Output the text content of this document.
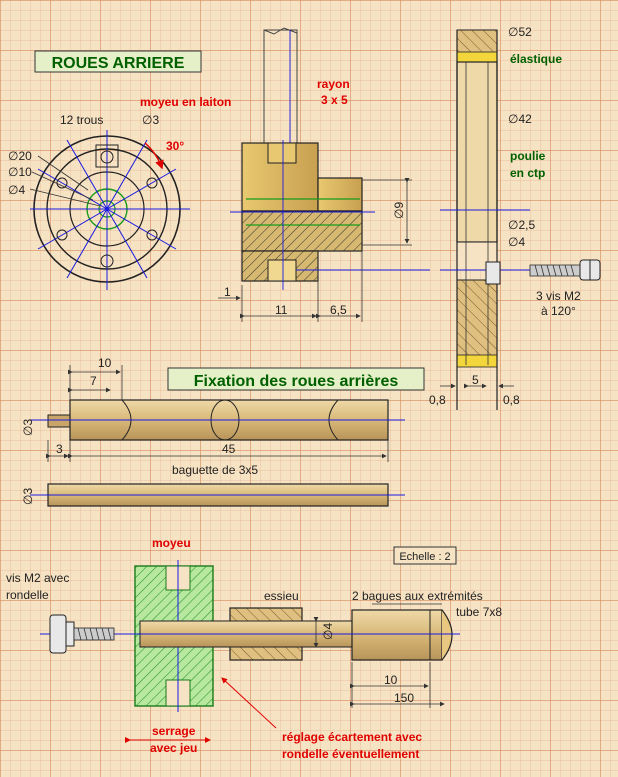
ROUES ARRIERE
12 trous	∅3
∅20
∅10
∅4
30°
moyeu en laiton
rayon
3 x 5
∅9
1
11	6,5
∅52
élastique
∅42
poulie
en ctp
∅2,5
∅4
3 vis M2
à 120°
0,8
5
0,8
Fixation des roues arrières
10
7
∅3
3	45
baguette de 3x5
∅3
Echelle : 2
moyeu
vis M2 avec
rondelle	essieu	2 bagues aux extrémités
tube 7x8
∅4
10
150
serrage
avec jeu
réglage écartement avec
rondelle éventuellement
